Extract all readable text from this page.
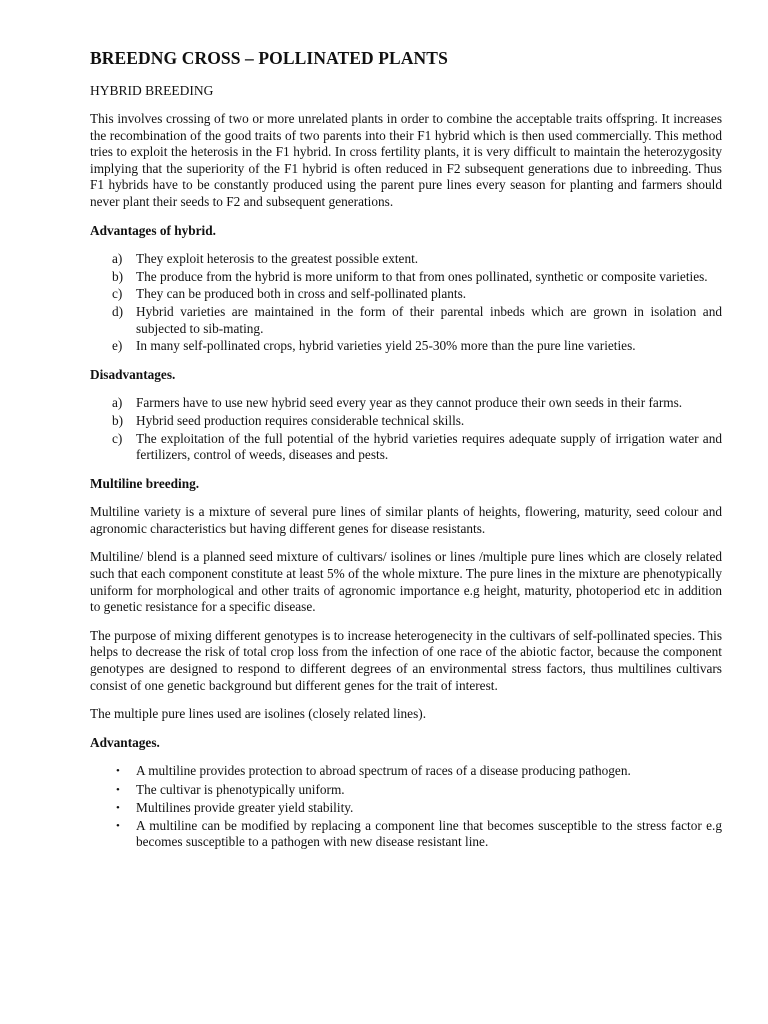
BREEDNG CROSS – POLLINATED PLANTS
HYBRID BREEDING

This involves crossing of two or more unrelated plants in order to combine the acceptable traits offspring. It increases the recombination of the good traits of two parents into their F1 hybrid which is then used commercially. This method tries to exploit the heterosis in the F1 hybrid. In cross fertility plants, it is very difficult to maintain the heterozygosity implying that the superiority of the F1 hybrid is often reduced in F2 subsequent generations due to inbreeding. Thus F1 hybrids have to be constantly produced using the parent pure lines every season for planting and farmers should never plant their seeds to F2 and subsequent generations.

Advantages of hybrid.
a) They exploit heterosis to the greatest possible extent.
b) The produce from the hybrid is more uniform to that from ones pollinated, synthetic or composite varieties.
c) They can be produced both in cross and self-pollinated plants.
d) Hybrid varieties are maintained in the form of their parental inbeds which are grown in isolation and subjected to sib-mating.
e) In many self-pollinated crops, hybrid varieties yield 25-30% more than the pure line varieties.
Disadvantages.
a) Farmers have to use new hybrid seed every year as they cannot produce their own seeds in their farms.
b) Hybrid seed production requires considerable technical skills.
c) The exploitation of the full potential of the hybrid varieties requires adequate supply of irrigation water and fertilizers, control of weeds, diseases and pests.
Multiline breeding.

Multiline variety is a mixture of several pure lines of similar plants of heights, flowering, maturity, seed colour and agronomic characteristics but having different genes for disease resistants.

Multiline/ blend is a planned seed mixture of cultivars/ isolines or lines /multiple pure lines which are closely related such that each component constitute at least 5% of the whole mixture. The pure lines in the mixture are phenotypically uniform for morphological and other traits of agronomic importance e.g height, maturity, photoperiod etc in addition to genetic resistance for a specific disease.

The purpose of mixing different genotypes is to increase heterogenecity in the cultivars of self-pollinated species. This helps to decrease the risk of total crop loss from the infection of one race of the abiotic factor, because the component genotypes are designed to respond to different degrees of an environmental stress factors, thus multilines cultivars consist of one genetic background but different genes for the trait of interest.

The multiple pure lines used are isolines (closely related lines).

Advantages.
• A multiline provides protection to abroad spectrum of races of a disease producing pathogen.
• The cultivar is phenotypically uniform.
• Multilines provide greater yield stability.
• A multiline can be modified by replacing a component line that becomes susceptible to the stress factor e.g becomes susceptible to a pathogen with new disease resistant line.
